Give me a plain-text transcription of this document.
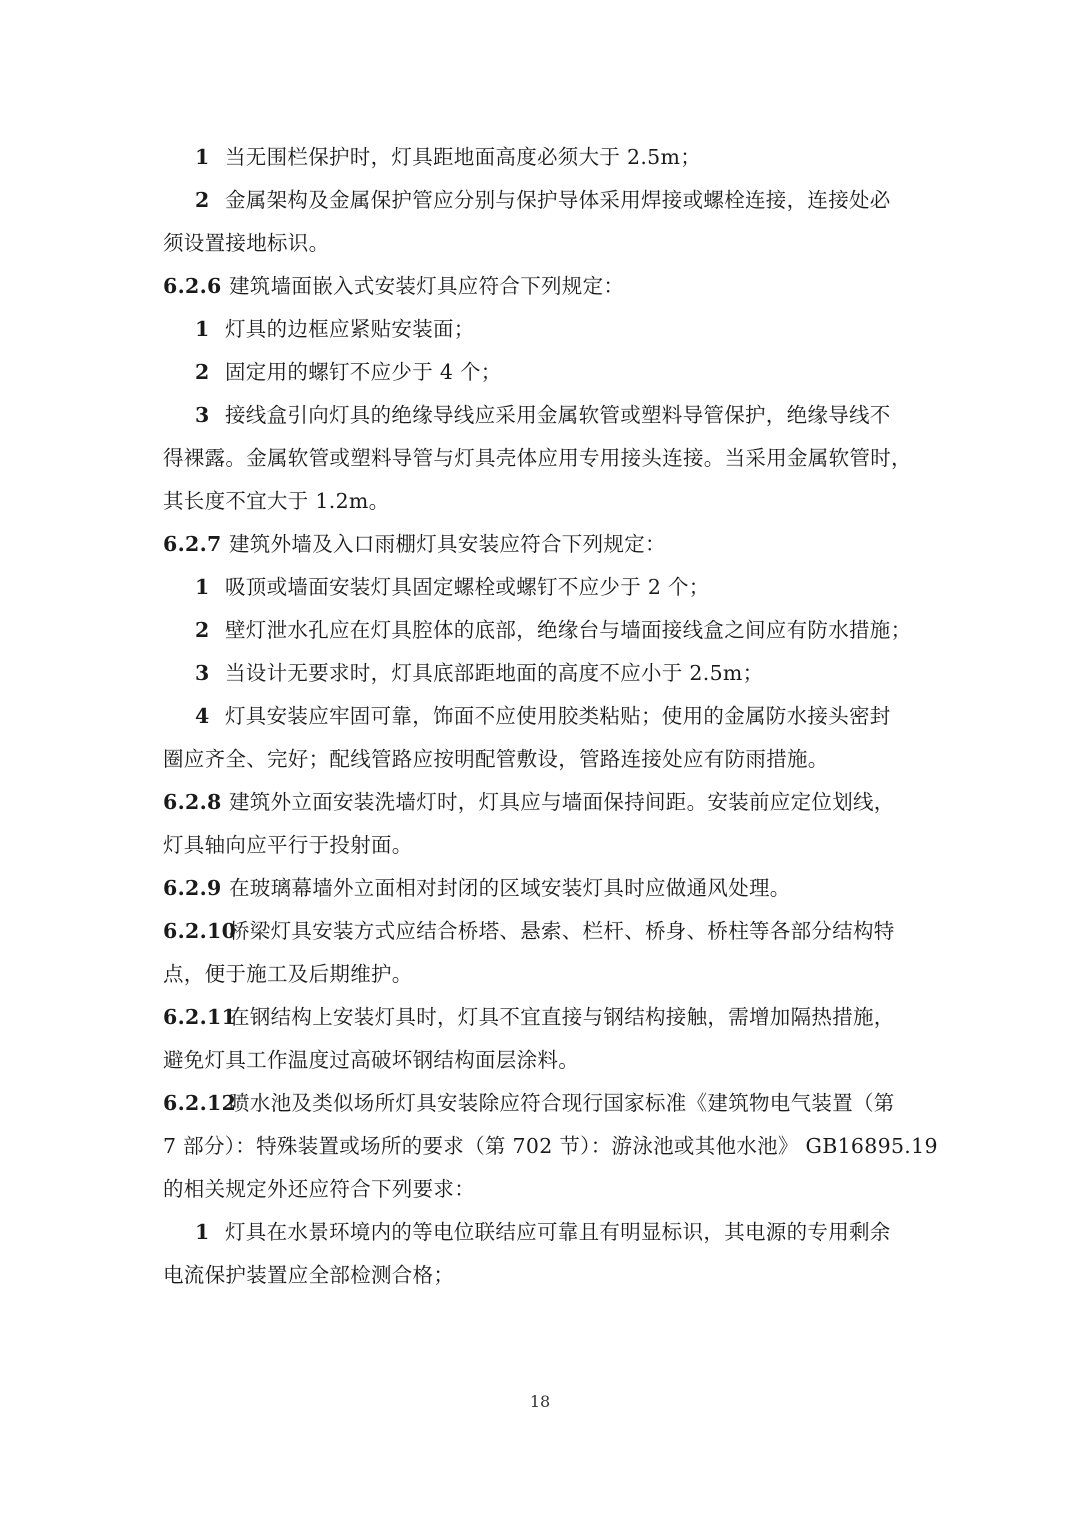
1 当无围栏保护时，灯具距地面高度必须大于 2.5m；
2 金属架构及金属保护管应分别与保护导体采用焊接或螺栓连接，连接处必
须设置接地标识。
6.2.6 建筑墙面嵌入式安装灯具应符合下列规定：
1 灯具的边框应紧贴安装面；
2 固定用的螺钉不应少于 4 个；
3 接线盒引向灯具的绝缘导线应采用金属软管或塑料导管保护，绝缘导线不
得裸露。金属软管或塑料导管与灯具壳体应用专用接头连接。当采用金属软管时，
其长度不宜大于 1.2m。
6.2.7 建筑外墙及入口雨棚灯具安装应符合下列规定：
1 吸顶或墙面安装灯具固定螺栓或螺钉不应少于 2 个；
2 壁灯泄水孔应在灯具腔体的底部，绝缘台与墙面接线盒之间应有防水措施；
3 当设计无要求时，灯具底部距地面的高度不应小于 2.5m；
4 灯具安装应牢固可靠，饰面不应使用胶类粘贴；使用的金属防水接头密封
圈应齐全、完好；配线管路应按明配管敷设，管路连接处应有防雨措施。
6.2.8 建筑外立面安装洗墙灯时，灯具应与墙面保持间距。安装前应定位划线，
灯具轴向应平行于投射面。
6.2.9 在玻璃幕墙外立面相对封闭的区域安装灯具时应做通风处理。
6.2.10桥梁灯具安装方式应结合桥塔、悬索、栏杆、桥身、桥柱等各部分结构特
点，便于施工及后期维护。
6.2.11在钢结构上安装灯具时，灯具不宜直接与钢结构接触，需增加隔热措施，
避免灯具工作温度过高破坏钢结构面层涂料。
6.2.12喷水池及类似场所灯具安装除应符合现行国家标准《建筑物电气装置（第
7 部分）：特殊装置或场所的要求（第 702 节）：游泳池或其他水池》 GB16895.19
的相关规定外还应符合下列要求：
1 灯具在水景环境内的等电位联结应可靠且有明显标识，其电源的专用剩余
电流保护装置应全部检测合格；
18
